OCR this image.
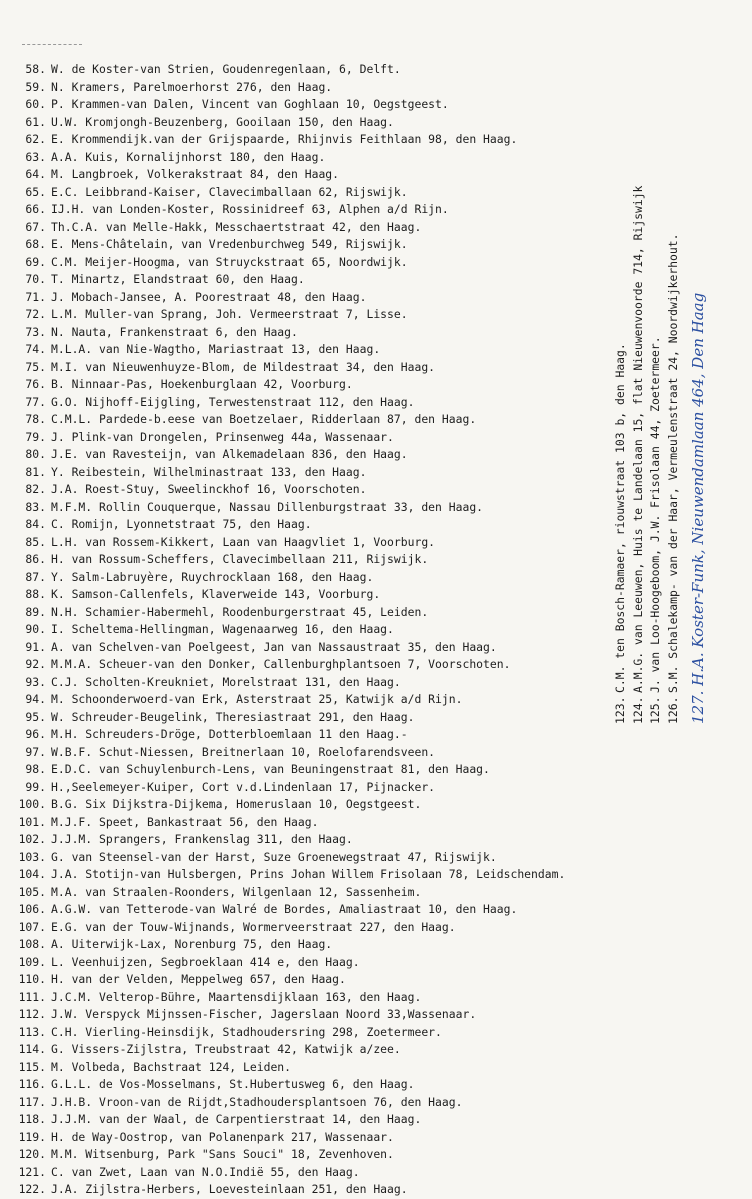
58. W. de Koster-van Strien, Goudenregenlaan, 6, Delft.
59. N. Kramers, Parelmoerhorst 276, den Haag.
60. P. Krammen-van Dalen, Vincent van Goghlaan 10, Oegstgeest.
61. U.W. Kromjongh-Beuzenberg, Gooilaan 150, den Haag.
62. E. Krommendijk.van der Grijspaarde, Rhijnvis Feithlaan 98, den Haag.
63. A.A. Kuis, Kornalijnhorst 180, den Haag.
64. M. Langbroek, Volkerakstraat 84, den Haag.
65. E.C. Leibbrand-Kaiser, Clavecimballaan 62, Rijswijk.
66. IJ.H. van Londen-Koster, Rossinidreef 63, Alphen a/d Rijn.
67. Th.C.A. van Melle-Hakk, Messchaertstraat 42, den Haag.
68. E. Mens-Châtelain, van Vredenburchweg 549, Rijswijk.
69. C.M. Meijer-Hoogma, van Struyckstraat 65, Noordwijk.
70. T. Minartz, Elandstraat 60, den Haag.
71. J. Mobach-Jansee, A. Poorestraat 48, den Haag.
72. L.M. Muller-van Sprang, Joh. Vermeerstraat 7, Lisse.
73. N. Nauta, Frankenstraat 6, den Haag.
74. M.L.A. van Nie-Wagtho, Mariastraat 13, den Haag.
75. M.I. van Nieuwenhuyze-Blom, de Mildestraat 34, den Haag.
76. B. Ninnaar-Pas, Hoekenburglaan 42, Voorburg.
77. G.O. Nijhoff-Eijgling, Terwestenstraat 112, den Haag.
78. C.M.L. Pardede-b.eese van Boetzelaer, Ridderlaan 87, den Haag.
79. J. Plink-van Drongelen, Prinsenweg 44a, Wassenaar.
80. J.E. van Ravesteijn, van Alkemadelaan 836, den Haag.
81. Y. Reibestein, Wilhelminastraat 133, den Haag.
82. J.A. Roest-Stuy, Sweelinckhof 16, Voorschoten.
83. M.F.M. Rollin Couquerque, Nassau Dillenburgstraat 33, den Haag.
84. C. Romijn, Lyonnetstraat 75, den Haag.
85. L.H. van Rossem-Kikkert, Laan van Haagvliet 1, Voorburg.
86. H. van Rossum-Scheffers, Clavecimbellaan 211, Rijswijk.
87. Y. Salm-Labruyère, Ruychrocklaan 168, den Haag.
88. K. Samson-Callenfels, Klaverweide 143, Voorburg.
89. N.H. Schamier-Habermehl, Roodenburgerstraat 45, Leiden.
90. I. Scheltema-Hellingman, Wagenaarweg 16, den Haag.
91. A. van Schelven-van Poelgeest, Jan van Nassaustraat 35, den Haag.
92. M.M.A. Scheuer-van den Donker, Callenburghplantsoen 7, Voorschoten.
93. C.J. Scholten-Kreukniet, Morelstraat 131, den Haag.
94. M. Schoonderwoerd-van Erk, Asterstraat 25, Katwijk a/d Rijn.
95. W. Schreuder-Beugelink, Theresiastraat 291, den Haag.
96. M.H. Schreuders-Dröge, Dotterbloemlaan 11 den Haag.-
97. W.B.F. Schut-Niessen, Breitnerlaan 10, Roelofarendsveen.
98. E.D.C. van Schuylenburch-Lens, van Beuningenstraat 81, den Haag.
99. H.,Seelemeyer-Kuiper, Cort v.d.Lindenlaan 17, Pijnacker.
100. B.G. Six Dijkstra-Dijkema, Homeruslaan 10, Oegstgeest.
101. M.J.F. Speet, Bankastraat 56, den Haag.
102. J.J.M. Sprangers, Frankenslag 311, den Haag.
103. G. van Steensel-van der Harst, Suze Groenewegstraat 47, Rijswijk.
104. J.A. Stotijn-van Hulsbergen, Prins Johan Willem Frisolaan 78, Leidschendam.
105. M.A. van Straalen-Roonders, Wilgenlaan 12, Sassenheim.
106. A.G.W. van Tetterode-van Walré de Bordes, Amaliastraat 10, den Haag.
107. E.G. van der Touw-Wijnands, Wormerveerstraat 227, den Haag.
108. A. Uiterwijk-Lax, Norenburg 75, den Haag.
109. L. Veenhuijzen, Segbroeklaan 414 e, den Haag.
110. H. van der Velden, Meppelweg 657, den Haag.
111. J.C.M. Velterop-Bühre, Maartensdijklaan 163, den Haag.
112. J.W. Verspyck Mijnssen-Fischer, Jagerslaan Noord 33,Wassenaar.
113. C.H. Vierling-Heinsdijk, Stadhoudersring 298, Zoetermeer.
114. G. Vissers-Zijlstra, Treubstraat 42, Katwijk a/zee.
115. M. Volbeda, Bachstraat 124, Leiden.
116. G.L.L. de Vos-Mosselmans, St.Hubertusweg 6, den Haag.
117. J.H.B. Vroon-van de Rijdt,Stadhoudersplantsoen 76, den Haag.
118. J.J.M. van der Waal, de Carpentierstraat 14, den Haag.
119. H. de Way-Oostrop, van Polanenpark 217, Wassenaar.
120. M.M. Witsenburg, Park "Sans Souci" 18, Zevenhoven.
121. C. van Zwet, Laan van N.O.Indië 55, den Haag.
122. J.A. Zijlstra-Herbers, Loevesteinlaan 251, den Haag.
123.
C.M. ten Bosch-Ramaer, riouwstraat 103 b, den Haag.
124.
A.M.G. van Leeuwen, Huis te Landelaan 15, flat Nieuwenvoorde 714, Rijswijk
125.
J. van Loo-Hoogeboom, J.W. Frisolaan 44, Zoetermeer.
126.
S.M. Schalekamp- van der Haar, Vermeulenstraat 24, Noordwijkerhout. 127. H.A. Koster-Funk, Nieuwendamlaan 464, Den Haag
